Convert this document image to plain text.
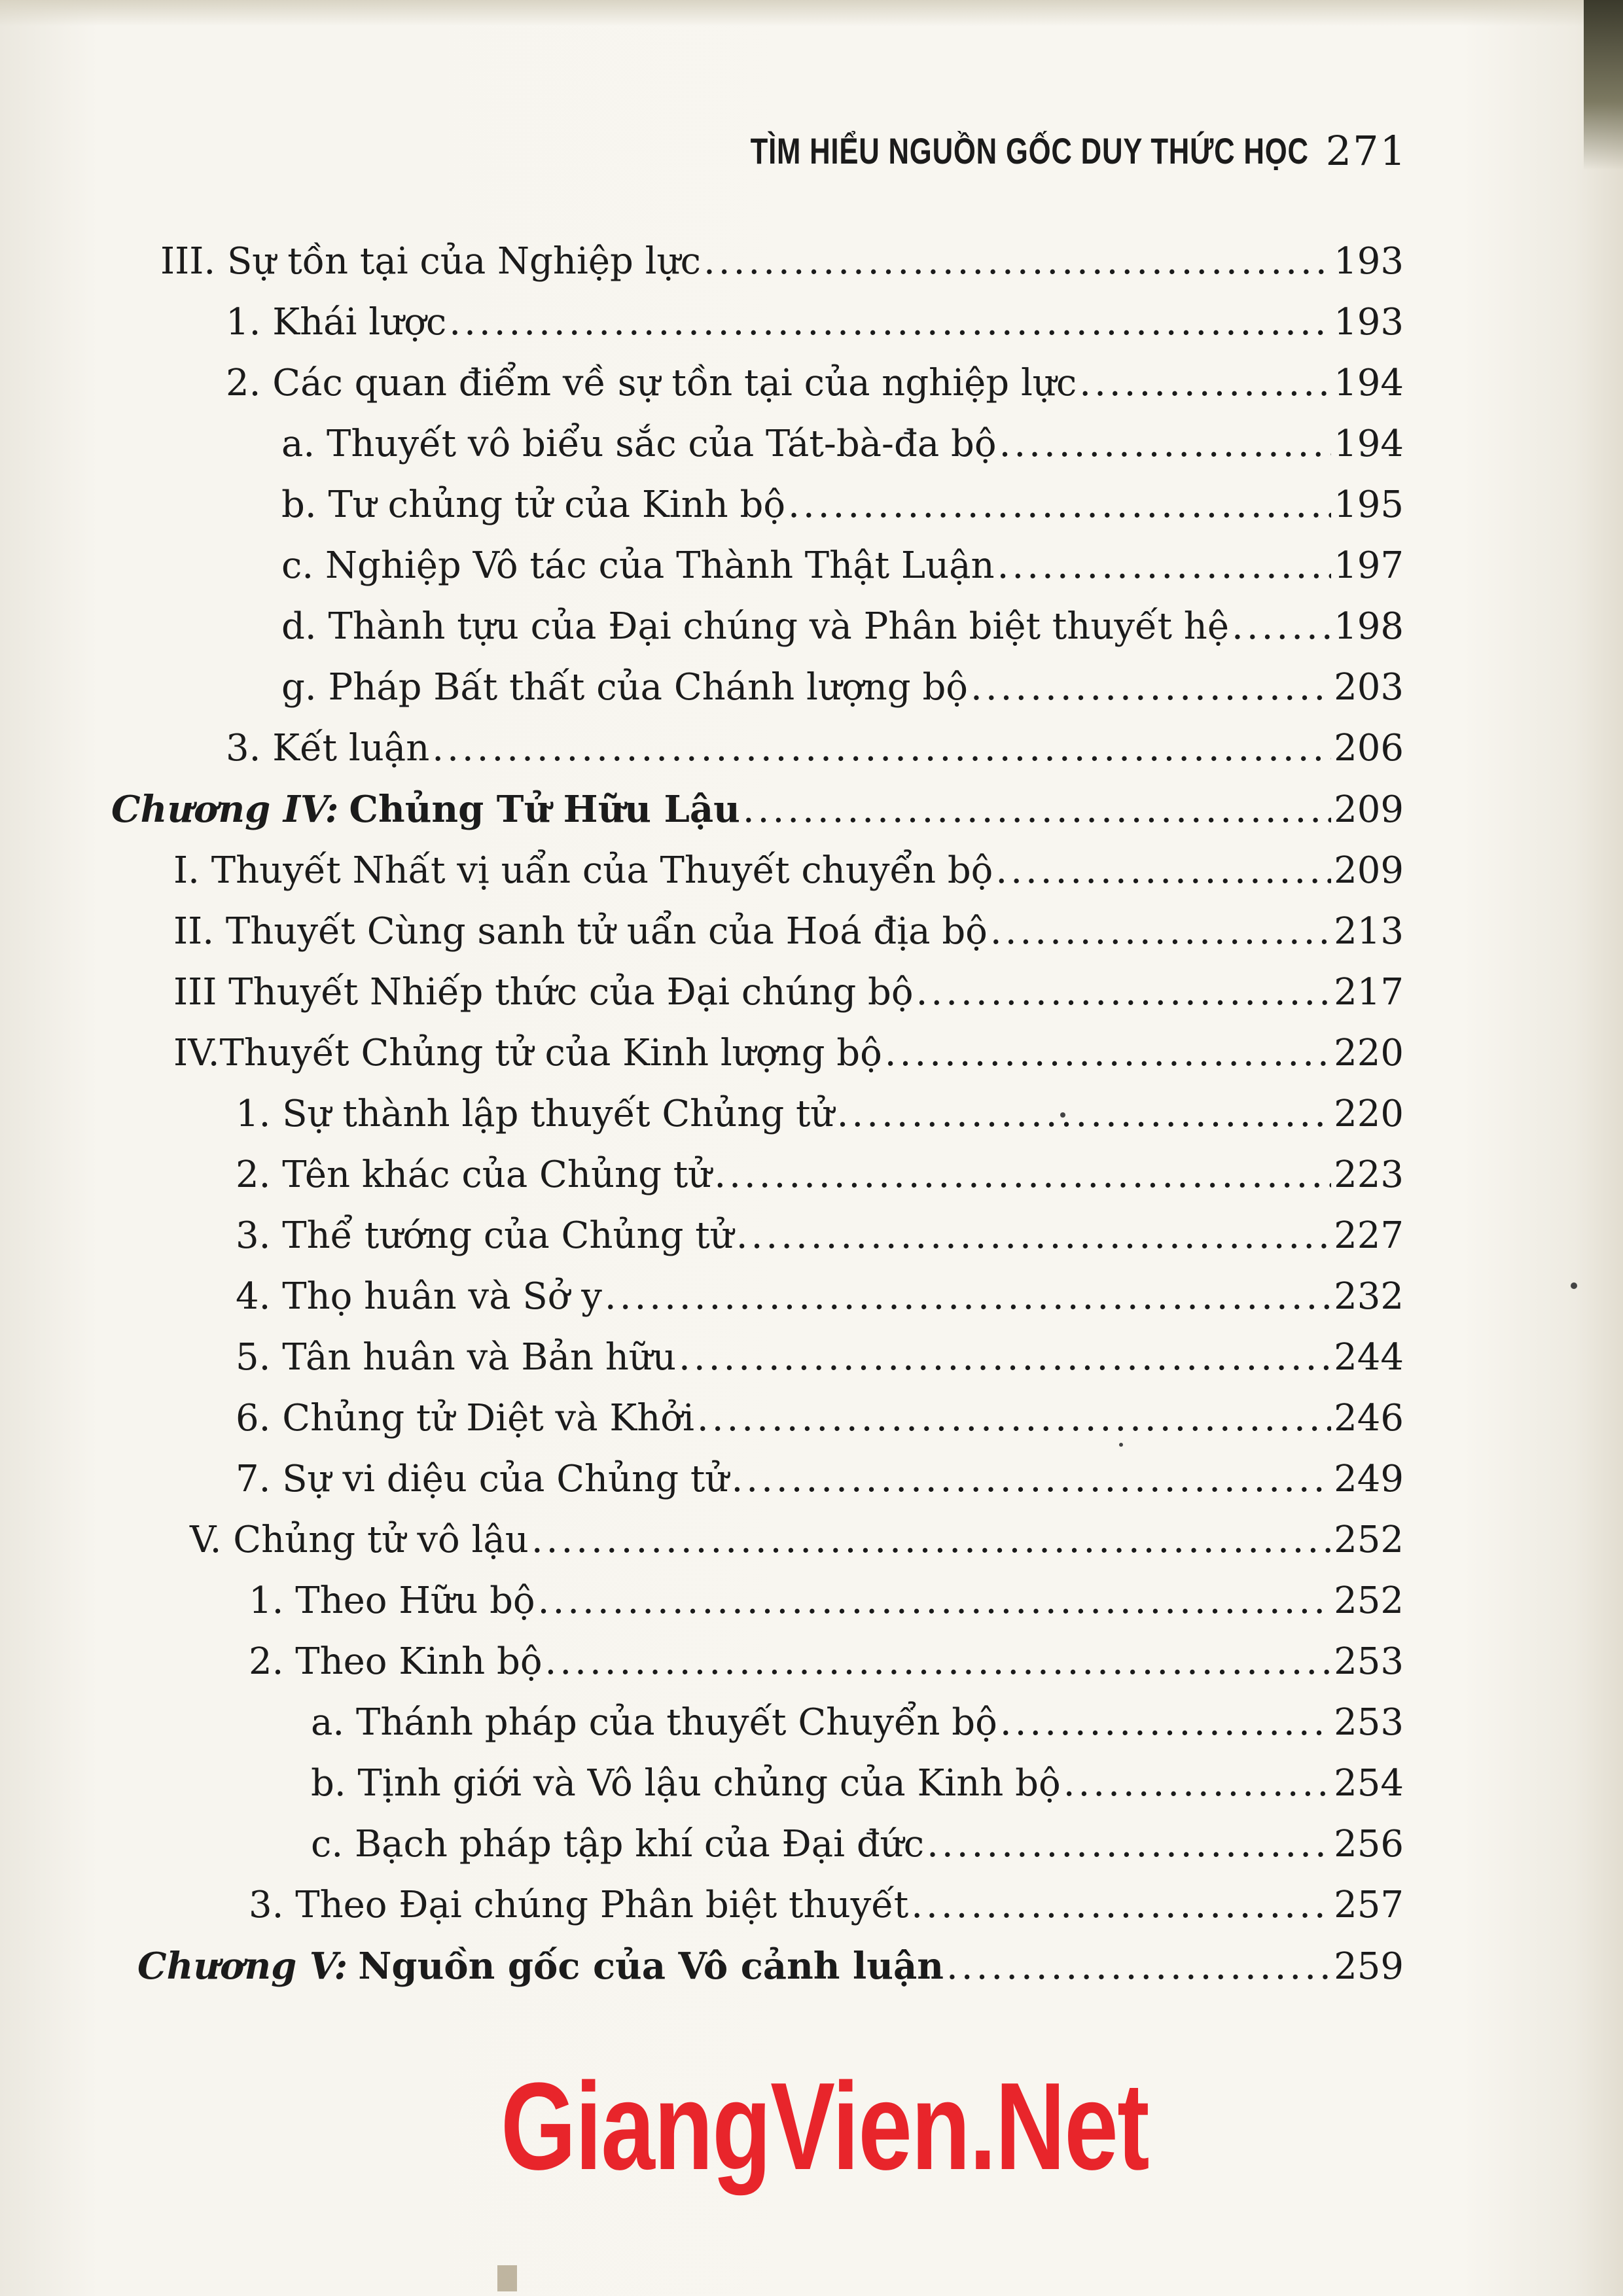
TÌM HIỂU NGUỒN GỐC DUY THỨC HỌC 271
III. Sự tồn tại của Nghiệp lực .....	193
1. Khái lược .....	193
2. Các quan điểm về sự tồn tại của nghiệp lực .....	194
a. Thuyết vô biểu sắc của Tát-bà-đa bộ .....	194
b. Tư chủng tử của Kinh bộ .....	195
c. Nghiệp Vô tác của Thành Thật Luận .....	197
d. Thành tựu của Đại chúng và Phân biệt thuyết hệ .....	198
g. Pháp Bất thất của Chánh lượng bộ .....	203
3. Kết luận .....	206
Chương IV: Chủng Tử Hữu Lậu .....	209
I. Thuyết Nhất vị uẩn của Thuyết chuyển bộ .....	209
II. Thuyết Cùng sanh tử uẩn của Hoá địa bộ .....	213
III Thuyết Nhiếp thức của Đại chúng bộ .....	217
IV.Thuyết Chủng tử của Kinh lượng bộ .....	220
1. Sự thành lập thuyết Chủng tử .....	220
2. Tên khác của Chủng tử .....	223
3. Thể tướng của Chủng tử .....	227
4. Thọ huân và Sở y .....	232
5. Tân huân và Bản hữu .....	244
6. Chủng tử Diệt và Khởi .....	246
7. Sự vi diệu của Chủng tử .....	249
V. Chủng tử vô lậu .....	252
1. Theo Hữu bộ .....	252
2. Theo Kinh bộ .....	253
a. Thánh pháp của thuyết Chuyển bộ .....	253
b. Tịnh giới và Vô lậu chủng của Kinh bộ .....	254
c. Bạch pháp tập khí của Đại đức .....	256
3. Theo Đại chúng Phân biệt thuyết .....	257
Chương V: Nguồn gốc của Vô cảnh luận .....	259
GiangVien.Net
